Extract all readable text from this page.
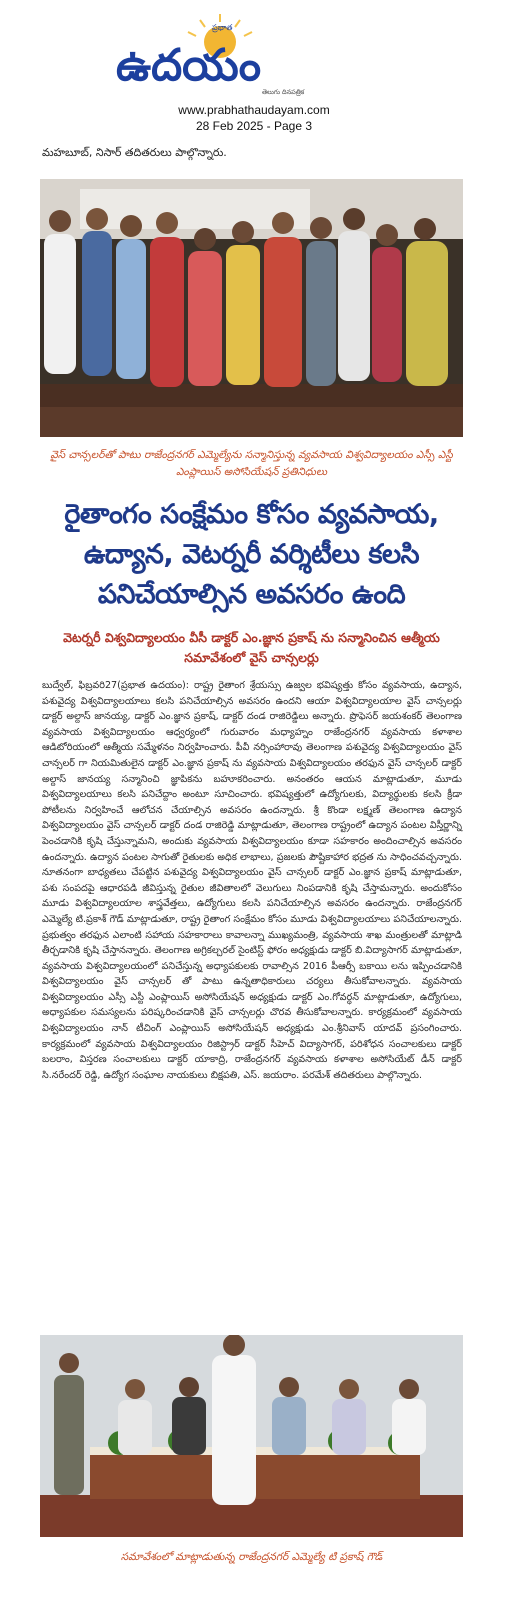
ప్రభాత
ఉదయం
తెలుగు దినపత్రిక
www.prabhathaudayam.com
28 Feb 2025 - Page 3
మహబూబ్, నిసార్ తదితరులు పాల్గొన్నారు.
వైస్ చాన్సలర్‌తో పాటు రాజేంద్రనగర్ ఎమ్మెల్యేను సన్మానిస్తున్న వ్యవసాయ విశ్వవిద్యాలయం ఎస్సీ ఎస్టీ ఎంప్లాయిస్ అసోసియేషన్ ప్రతినిధులు
రైతాంగం సంక్షేమం కోసం వ్యవసాయ, ఉద్యాన, వెటర్నరీ వర్శిటీలు కలసి పనిచేయాల్సిన అవసరం ఉంది
వెటర్నరీ విశ్వవిద్యాలయం వీసీ డాక్టర్ ఎం.జ్ఞాన ప్రకాష్ ను సన్మానించిన ఆత్మీయ సమావేశంలో వైస్ చాన్సలర్లు
బుద్వేల్, ఫిబ్రవరి27(ప్రభాత ఉదయం): రాష్ట్ర రైతాంగ శ్రేయస్సు ఉజ్వల భవిష్యత్తు కోసం వ్యవసాయ, ఉద్యాన, పశువైద్య విశ్వవిద్యాలయాలు కలసి పనిచేయాల్సిన అవసరం ఉందని ఆయా విశ్వవిద్యాలయాల వైస్ చాన్సలర్లు డాక్టర్ అల్దాస్ జానయ్య, డాక్టర్ ఎం.జ్ఞాన ప్రకాష్, డాక్టర్ దండ రాజిరెడ్డిలు అన్నారు. ప్రొఫెసర్ జయశంకర్ తెలంగాణ వ్యవసాయ విశ్వవిద్యాలయం ఆధ్వర్యంలో గురువారం మధ్యాహ్నం రాజేంద్రనగర్ వ్యవసాయ కళాశాల ఆడిటోరియంలో ఆత్మీయ సమ్మేళనం నిర్వహించారు. పీవీ నర్సింహారావు తెలంగాణ పశువైద్య విశ్వవిద్యాలయం వైస్ చాన్సలర్ గా నియమితులైన డాక్టర్ ఎం.జ్ఞాన ప్రకాష్ ను వ్యవసాయ విశ్వవిద్యాలయం తరఫున వైస్ చాన్సలర్ డాక్టర్ అల్దాస్ జానయ్య సన్మానించి జ్ఞాపికను బహూకరించారు. అనంతరం ఆయన మాట్లాడుతూ, మూడు విశ్వవిద్యాలయాలు కలసి పనిచేద్దాం అంటూ సూచించారు. భవిష్యత్తులో ఉద్యోగులకు, విద్యార్థులకు కలసి క్రీడా పోటీలను నిర్వహించే ఆలోచన చేయాల్సిన అవసరం ఉందన్నారు. శ్రీ కొండా లక్ష్మణ్ తెలంగాణ ఉద్యాన విశ్వవిద్యాలయం వైస్ చాన్సలర్ డాక్టర్ దండ రాజిరెడ్డి మాట్లాడుతూ, తెలంగాణ రాష్ట్రంలో ఉద్యాన పంటల విస్తీర్ణాన్ని పెంచడానికి కృషి చేస్తున్నామని, అందుకు వ్యవసాయ విశ్వవిద్యాలయం కూడా సహకారం అందించాల్సిన అవసరం ఉందన్నారు. ఉద్యాన పంటల సాగుతో రైతులకు అధిక లాభాలు, ప్రజలకు పౌష్టికాహార భద్రత ను సాధించవచ్చన్నారు. నూతనంగా బాధ్యతలు చేపట్టిన పశువైద్య విశ్వవిద్యాలయం వైస్ చాన్సలర్ డాక్టర్ ఎం.జ్ఞాన ప్రకాష్ మాట్లాడుతూ, పశు సంపదపై ఆధారపడి జీవిస్తున్న రైతుల జీవితాలలో వెలుగులు నింపడానికి కృషి చేస్తామన్నారు. అందుకోసం మూడు విశ్వవిద్యాలయాల శాస్త్రవేత్తలు, ఉద్యోగులు కలసి పనిచేయాల్సిన అవసరం ఉందన్నారు. రాజేంద్రనగర్ ఎమ్మెల్యే టి.ప్రకాశ్ గౌడ్ మాట్లాడుతూ, రాష్ట్ర రైతాంగ సంక్షేమం కోసం మూడు విశ్వవిద్యాలయాలు పనిచేయాలన్నారు. ప్రభుత్వం తరఫున ఎలాంటి సహాయ సహకారాలు కావాలన్నా ముఖ్యమంత్రి, వ్యవసాయ శాఖ మంత్రులతో మాట్లాడి తీర్చడానికి కృషి చేస్తానన్నారు. తెలంగాణ అగ్రికల్చరల్ సైంటిస్ట్ ఫోరం అధ్యక్షుడు డాక్టర్ బి.విద్యాసాగర్ మాట్లాడుతూ, వ్యవసాయ విశ్వవిద్యాలయంలో పనిచేస్తున్న అధ్యాపకులకు రావాల్సిన 2016 పీఆర్సీ బకాయి లను ఇప్పించడానికి విశ్వవిద్యాలయం వైస్ చాన్సలర్ తో పాటు ఉన్నతాధికారులు చర్యలు తీసుకోవాలన్నారు. వ్యవసాయ విశ్వవిద్యాలయం ఎస్సీ ఎస్టీ ఎంప్లాయిస్ అసోసియేషన్ అధ్యక్షుడు డాక్టర్ ఎం.గోవర్ధన్ మాట్లాడుతూ, ఉద్యోగులు, అధ్యాపకుల సమస్యలను పరిష్కరించడానికి వైస్ చాన్సలర్లు చొరవ తీసుకోవాలన్నారు. కార్యక్రమంలో వ్యవసాయ విశ్వవిద్యాలయం నాన్ టీచింగ్ ఎంప్లాయిస్ అసోసియేషన్ అధ్యక్షుడు ఎం.శ్రీనివాస్ యాదవ్ ప్రసంగించారు. కార్యక్రమంలో వ్యవసాయ విశ్వవిద్యాలయం రిజిస్ట్రార్ డాక్టర్ సీహెచ్ విద్యాసాగర్, పరిశోధన సంచాలకులు డాక్టర్ బలరాం, విస్తరణ సంచాలకులు డాక్టర్ యాకాద్రి, రాజేంద్రనగర్ వ్యవసాయ కళాశాల అసోసియేట్ డీన్ డాక్టర్ సి.నరేందర్ రెడ్డి, ఉద్యోగ సంఘాల నాయకులు బిక్షపతి, ఎస్. జయరాం. పరమేశ్ తదితరులు పాల్గొన్నారు.
సమావేశంలో మాట్లాడుతున్న రాజేంద్రనగర్ ఎమ్మెల్యే టి ప్రకాష్ గౌడ్
